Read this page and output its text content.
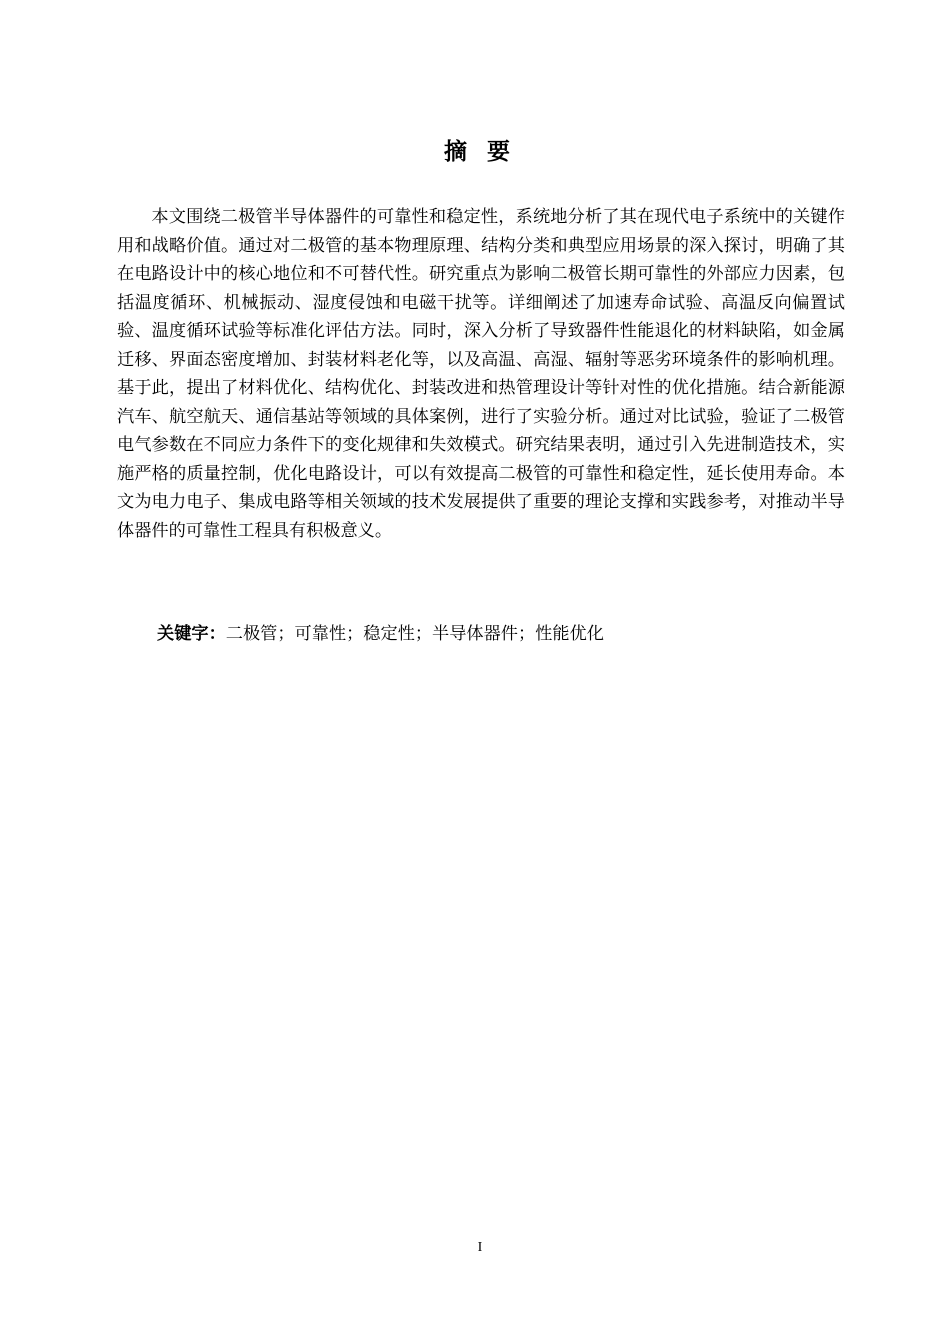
摘 要

本文围绕二极管半导体器件的可靠性和稳定性，系统地分析了其在现代电子系统中的关键作用和战略价值。通过对二极管的基本物理原理、结构分类和典型应用场景的深入探讨，明确了其在电路设计中的核心地位和不可替代性。研究重点为影响二极管长期可靠性的外部应力因素，包括温度循环、机械振动、湿度侵蚀和电磁干扰等。详细阐述了加速寿命试验、高温反向偏置试验、温度循环试验等标准化评估方法。同时，深入分析了导致器件性能退化的材料缺陷，如金属迁移、界面态密度增加、封装材料老化等，以及高温、高湿、辐射等恶劣环境条件的影响机理。基于此，提出了材料优化、结构优化、封装改进和热管理设计等针对性的优化措施。结合新能源汽车、航空航天、通信基站等领域的具体案例，进行了实验分析。通过对比试验，验证了二极管电气参数在不同应力条件下的变化规律和失效模式。研究结果表明，通过引入先进制造技术，实施严格的质量控制，优化电路设计，可以有效提高二极管的可靠性和稳定性，延长使用寿命。本文为电力电子、集成电路等相关领域的技术发展提供了重要的理论支撑和实践参考，对推动半导体器件的可靠性工程具有积极意义。

关键字：二极管；可靠性；稳定性；半导体器件；性能优化

I
